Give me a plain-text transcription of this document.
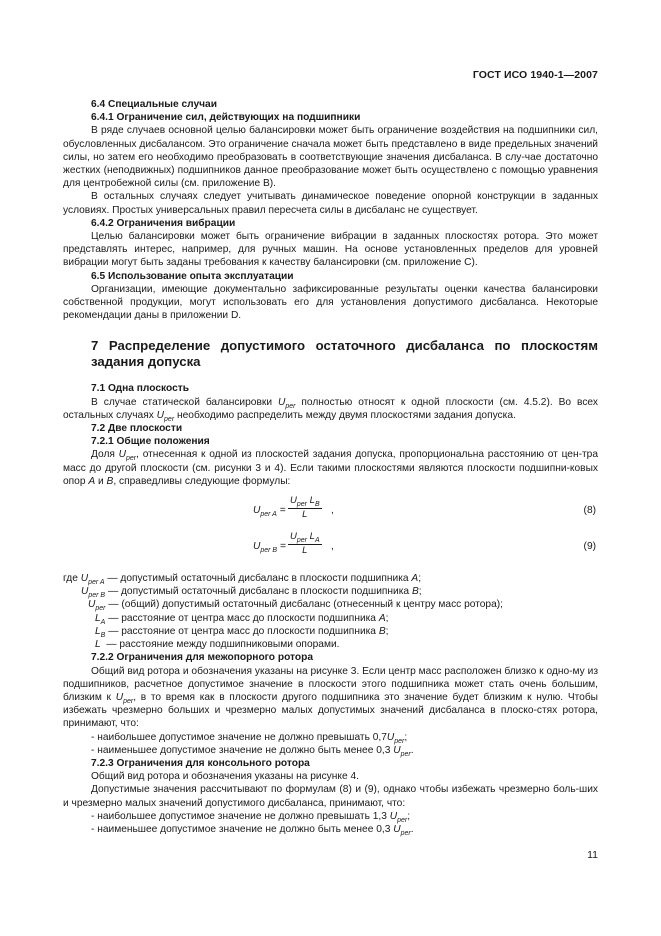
ГОСТ ИСО 1940-1—2007

6.4 Специальные случаи

6.4.1 Ограничение сил, действующих на подшипники

В ряде случаев основной целью балансировки может быть ограничение воздействия на подшипники сил, обусловленных дисбалансом. Это ограничение сначала может быть представлено в виде предельных значений силы, но затем его необходимо преобразовать в соответствующие значения дисбаланса. В слу-чае достаточно жестких (неподвижных) подшипников данное преобразование может быть осуществлено с помощью уравнения для центробежной силы (см. приложение В).

В остальных случаях следует учитывать динамическое поведение опорной конструкции в заданных условиях. Простых универсальных правил пересчета силы в дисбаланс не существует.

6.4.2 Ограничения вибрации

Целью балансировки может быть ограничение вибрации в заданных плоскостях ротора. Это может представлять интерес, например, для ручных машин. На основе установленных пределов для уровней вибрации могут быть заданы требования к качеству балансировки (см. приложение С).

6.5 Использование опыта эксплуатации

Организации, имеющие документально зафиксированные результаты оценки качества балансировки собственной продукции, могут использовать его для установления допустимого дисбаланса. Некоторые рекомендации даны в приложении D.

7 Распределение допустимого остаточного дисбаланса по плоскостям задания допуска

7.1 Одна плоскость

В случае статической балансировки $U_{per}$ полностью относят к одной плоскости (см. 4.5.2). Во всех остальных случаях $U_{per}$ необходимо распределить между двумя плоскостями задания допуска.

7.2 Две плоскости

7.2.1 Общие положения

Доля $U_{per}$, отнесенная к одной из плоскостей задания допуска, пропорциональна расстоянию от цен-тра масс до другой плоскости (см. рисунки 3 и 4). Если такими плоскостями являются плоскости подшипни-ковых опор A и B, справедливы следующие формулы:

$U_{per A}$ =
$U_{per}$ $L_B$
L	,	(8)
$U_{per B}$ =
$U_{per}$ $L_A$
L	,	(9)
где $U_{per A}$ — допустимый остаточный дисбаланс в плоскости подшипника A;
$U_{per B}$ — допустимый остаточный дисбаланс в плоскости подшипника B;
$U_{per}$ — (общий) допустимый остаточный дисбаланс (отнесенный к центру масс ротора);
$L_A$ — расстояние от центра масс до плоскости подшипника A;
$L_B$ — расстояние от центра масс до плоскости подшипника B;
L — расстояние между подшипниковыми опорами.

7.2.2 Ограничения для межопорного ротора

Общий вид ротора и обозначения указаны на рисунке 3. Если центр масс расположен близко к одно-му из подшипников, расчетное допустимое значение в плоскости этого подшипника может стать очень большим, близким к $U_{per}$, в то время как в плоскости другого подшипника это значение будет близким к нулю. Чтобы избежать чрезмерно больших и чрезмерно малых допустимых значений дисбаланса в плоско-стях ротора, принимают, что:

- наибольшее допустимое значение не должно превышать $0,7U_{per}$;

- наименьшее допустимое значение не должно быть менее 0,3 $U_{per}$.

7.2.3 Ограничения для консольного ротора

Общий вид ротора и обозначения указаны на рисунке 4.

Допустимые значения рассчитывают по формулам (8) и (9), однако чтобы избежать чрезмерно боль-ших и чрезмерно малых значений допустимого дисбаланса, принимают, что:

- наибольшее допустимое значение не должно превышать 1,3 $U_{per}$;

- наименьшее допустимое значение не должно быть менее 0,3 $U_{per}$.

11
